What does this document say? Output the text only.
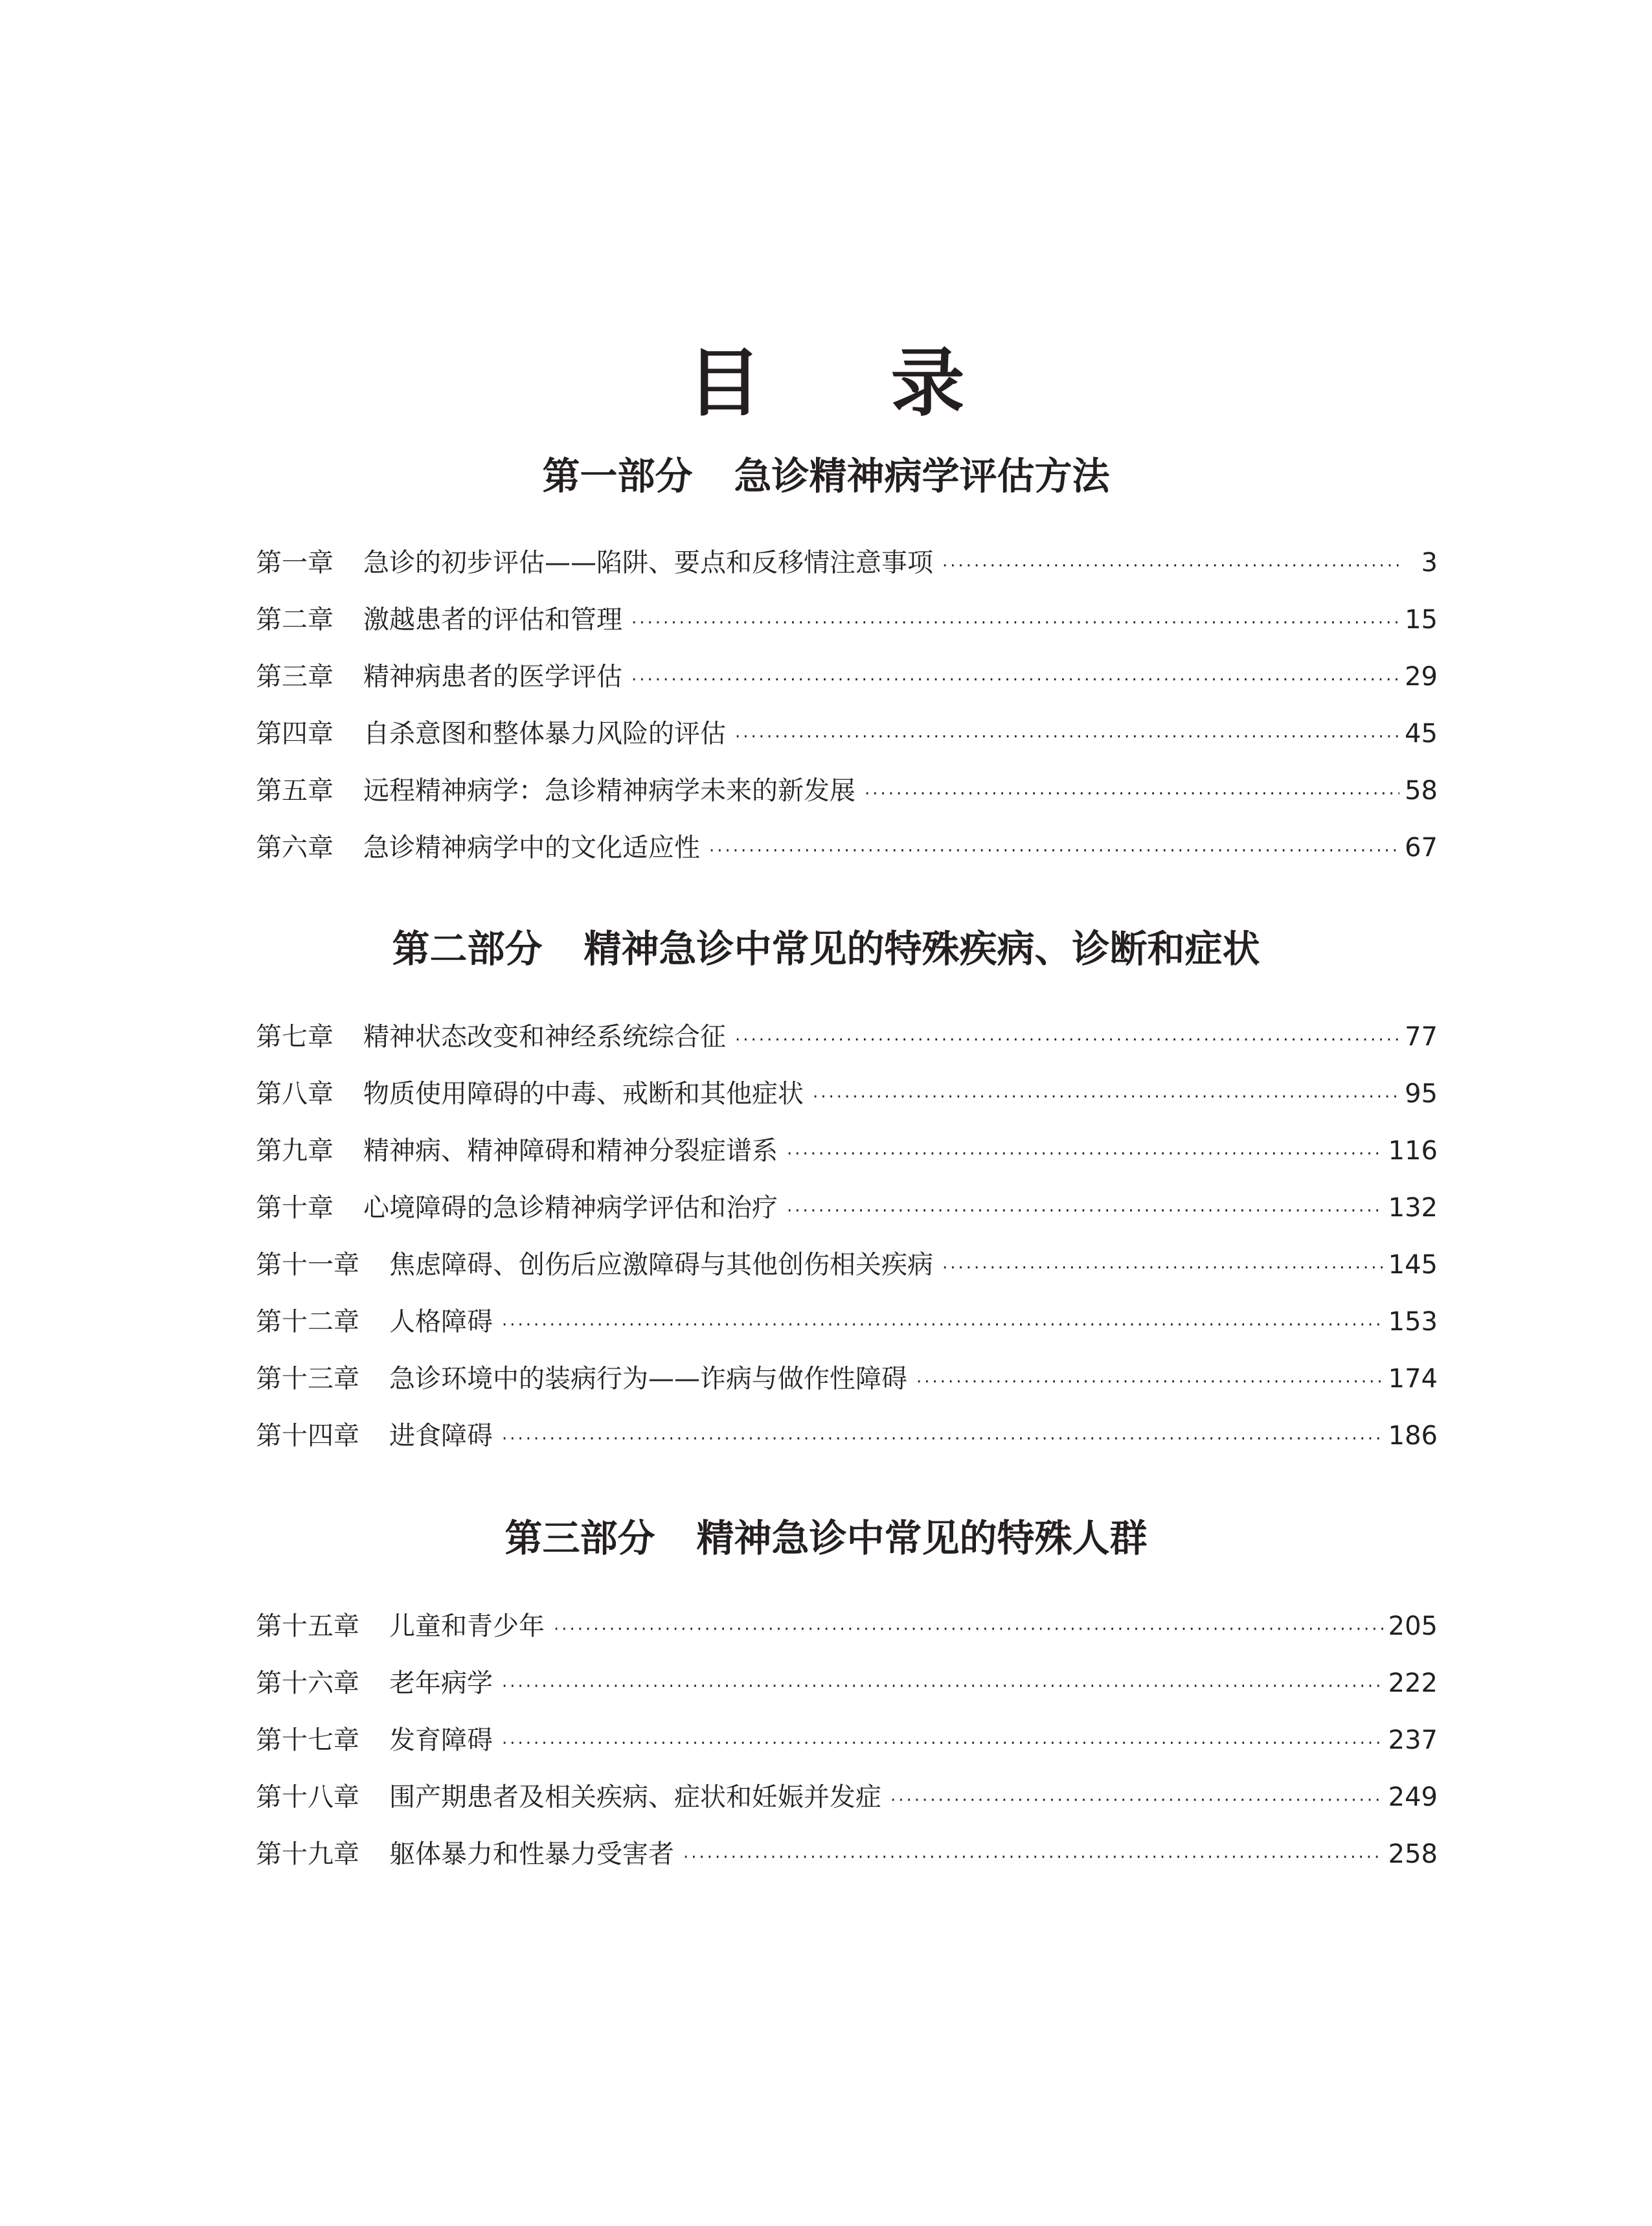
目 录
第一部分 急诊精神病学评估方法
第一章	急诊的初步评估——陷阱、要点和反移情注意事项 ·····	3
第二章	激越患者的评估和管理 ·····	15
第三章	精神病患者的医学评估 ·····	29
第四章	自杀意图和整体暴力风险的评估 ·····	45
第五章	远程精神病学：急诊精神病学未来的新发展 ·····	58
第六章	急诊精神病学中的文化适应性 ·····	67
第二部分 精神急诊中常见的特殊疾病、诊断和症状
第七章	精神状态改变和神经系统综合征 ·····	77
第八章	物质使用障碍的中毒、戒断和其他症状 ·····	95
第九章	精神病、精神障碍和精神分裂症谱系 ·····	116
第十章	心境障碍的急诊精神病学评估和治疗 ·····	132
第十一章	焦虑障碍、创伤后应激障碍与其他创伤相关疾病 ·····	145
第十二章	人格障碍 ·····	153
第十三章	急诊环境中的装病行为——诈病与做作性障碍 ·····	174
第十四章	进食障碍 ·····	186
第三部分 精神急诊中常见的特殊人群
第十五章	儿童和青少年 ·····	205
第十六章	老年病学 ·····	222
第十七章	发育障碍 ·····	237
第十八章	围产期患者及相关疾病、症状和妊娠并发症 ·····	249
第十九章	躯体暴力和性暴力受害者 ·····	258
